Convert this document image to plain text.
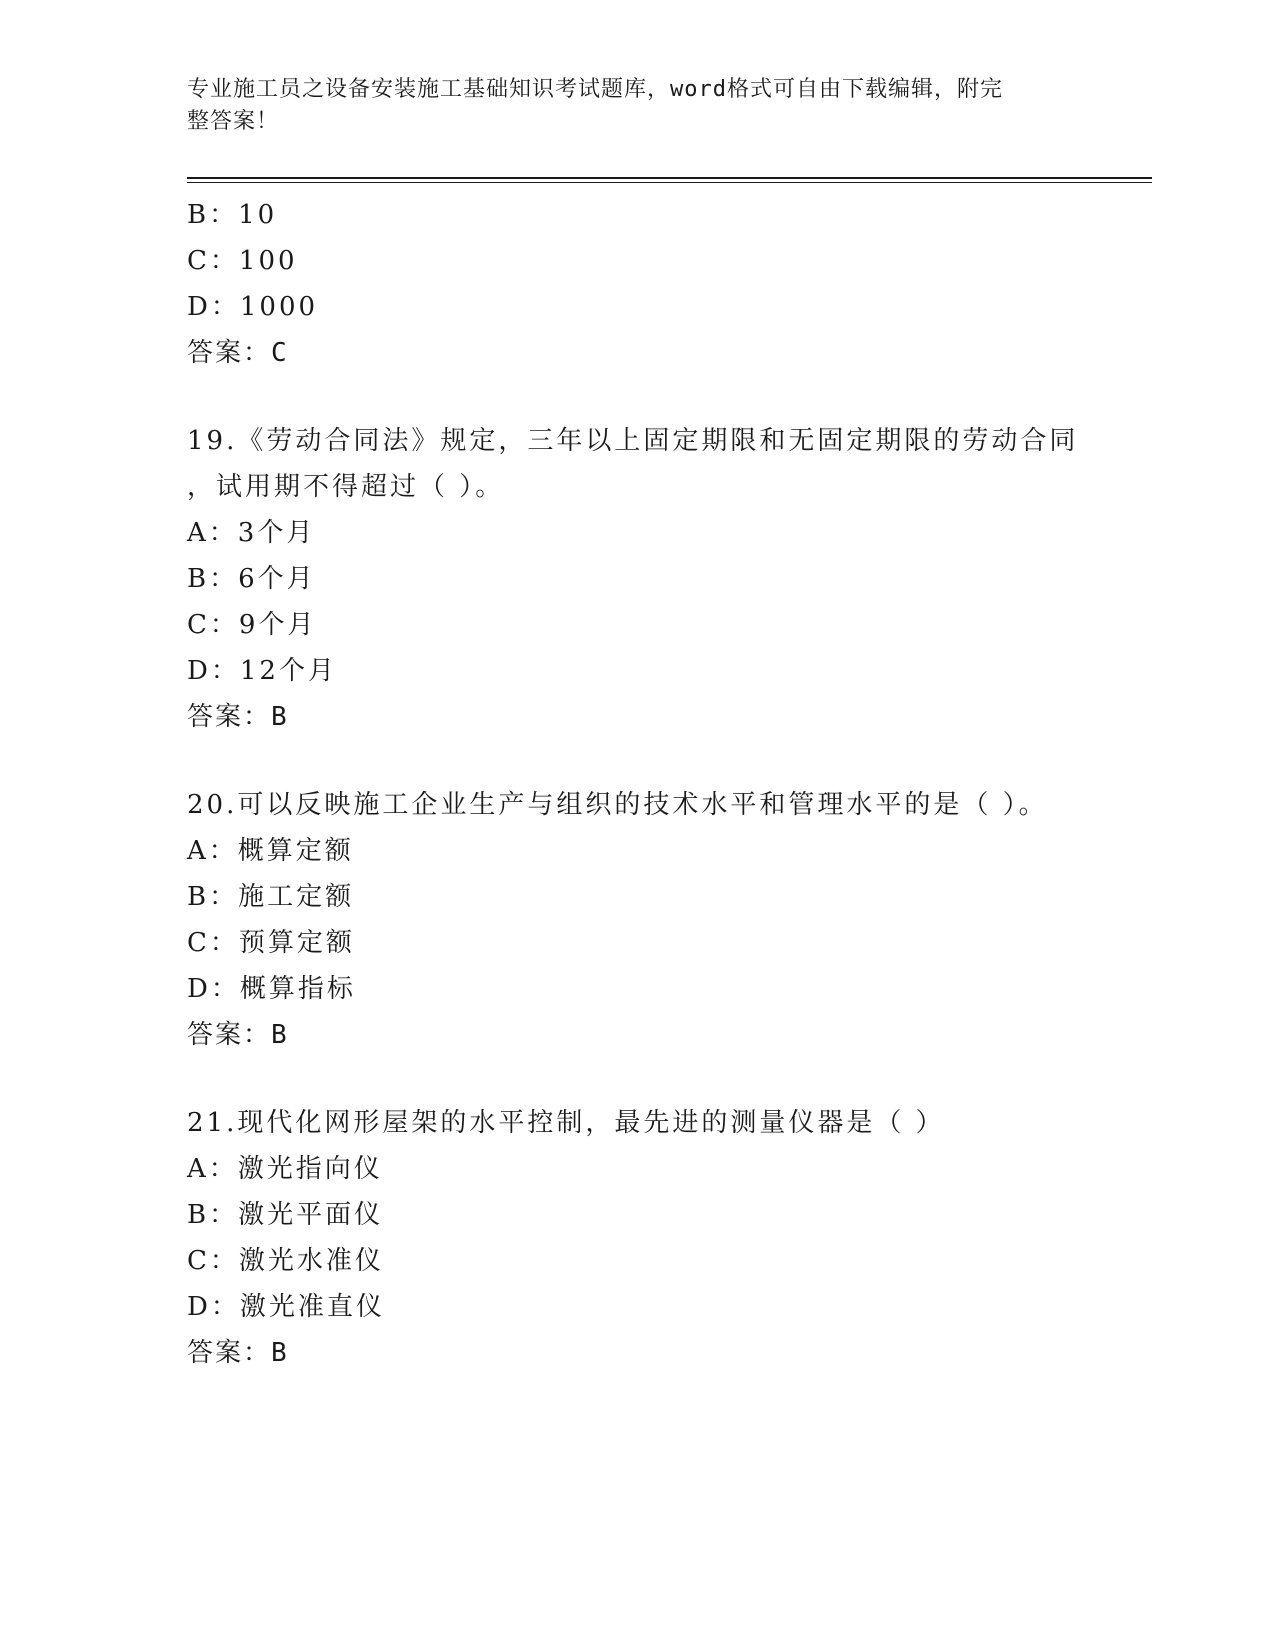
专业施工员之设备安装施工基础知识考试题库，word格式可自由下载编辑，附完
整答案！
B： 10
C： 100
D： 1000
答案：C
19.《劳动合同法》规定，三年以上固定期限和无固定期限的劳动合同
，试用期不得超过（ ）。
A： 3个月
B： 6个月
C： 9个月
D： 12个月
答案：B
20.可以反映施工企业生产与组织的技术水平和管理水平的是（ ）。
A： 概算定额
B： 施工定额
C： 预算定额
D： 概算指标
答案：B
21.现代化网形屋架的水平控制，最先进的测量仪器是（ ）
A： 激光指向仪
B： 激光平面仪
C： 激光水准仪
D： 激光准直仪
答案：B
